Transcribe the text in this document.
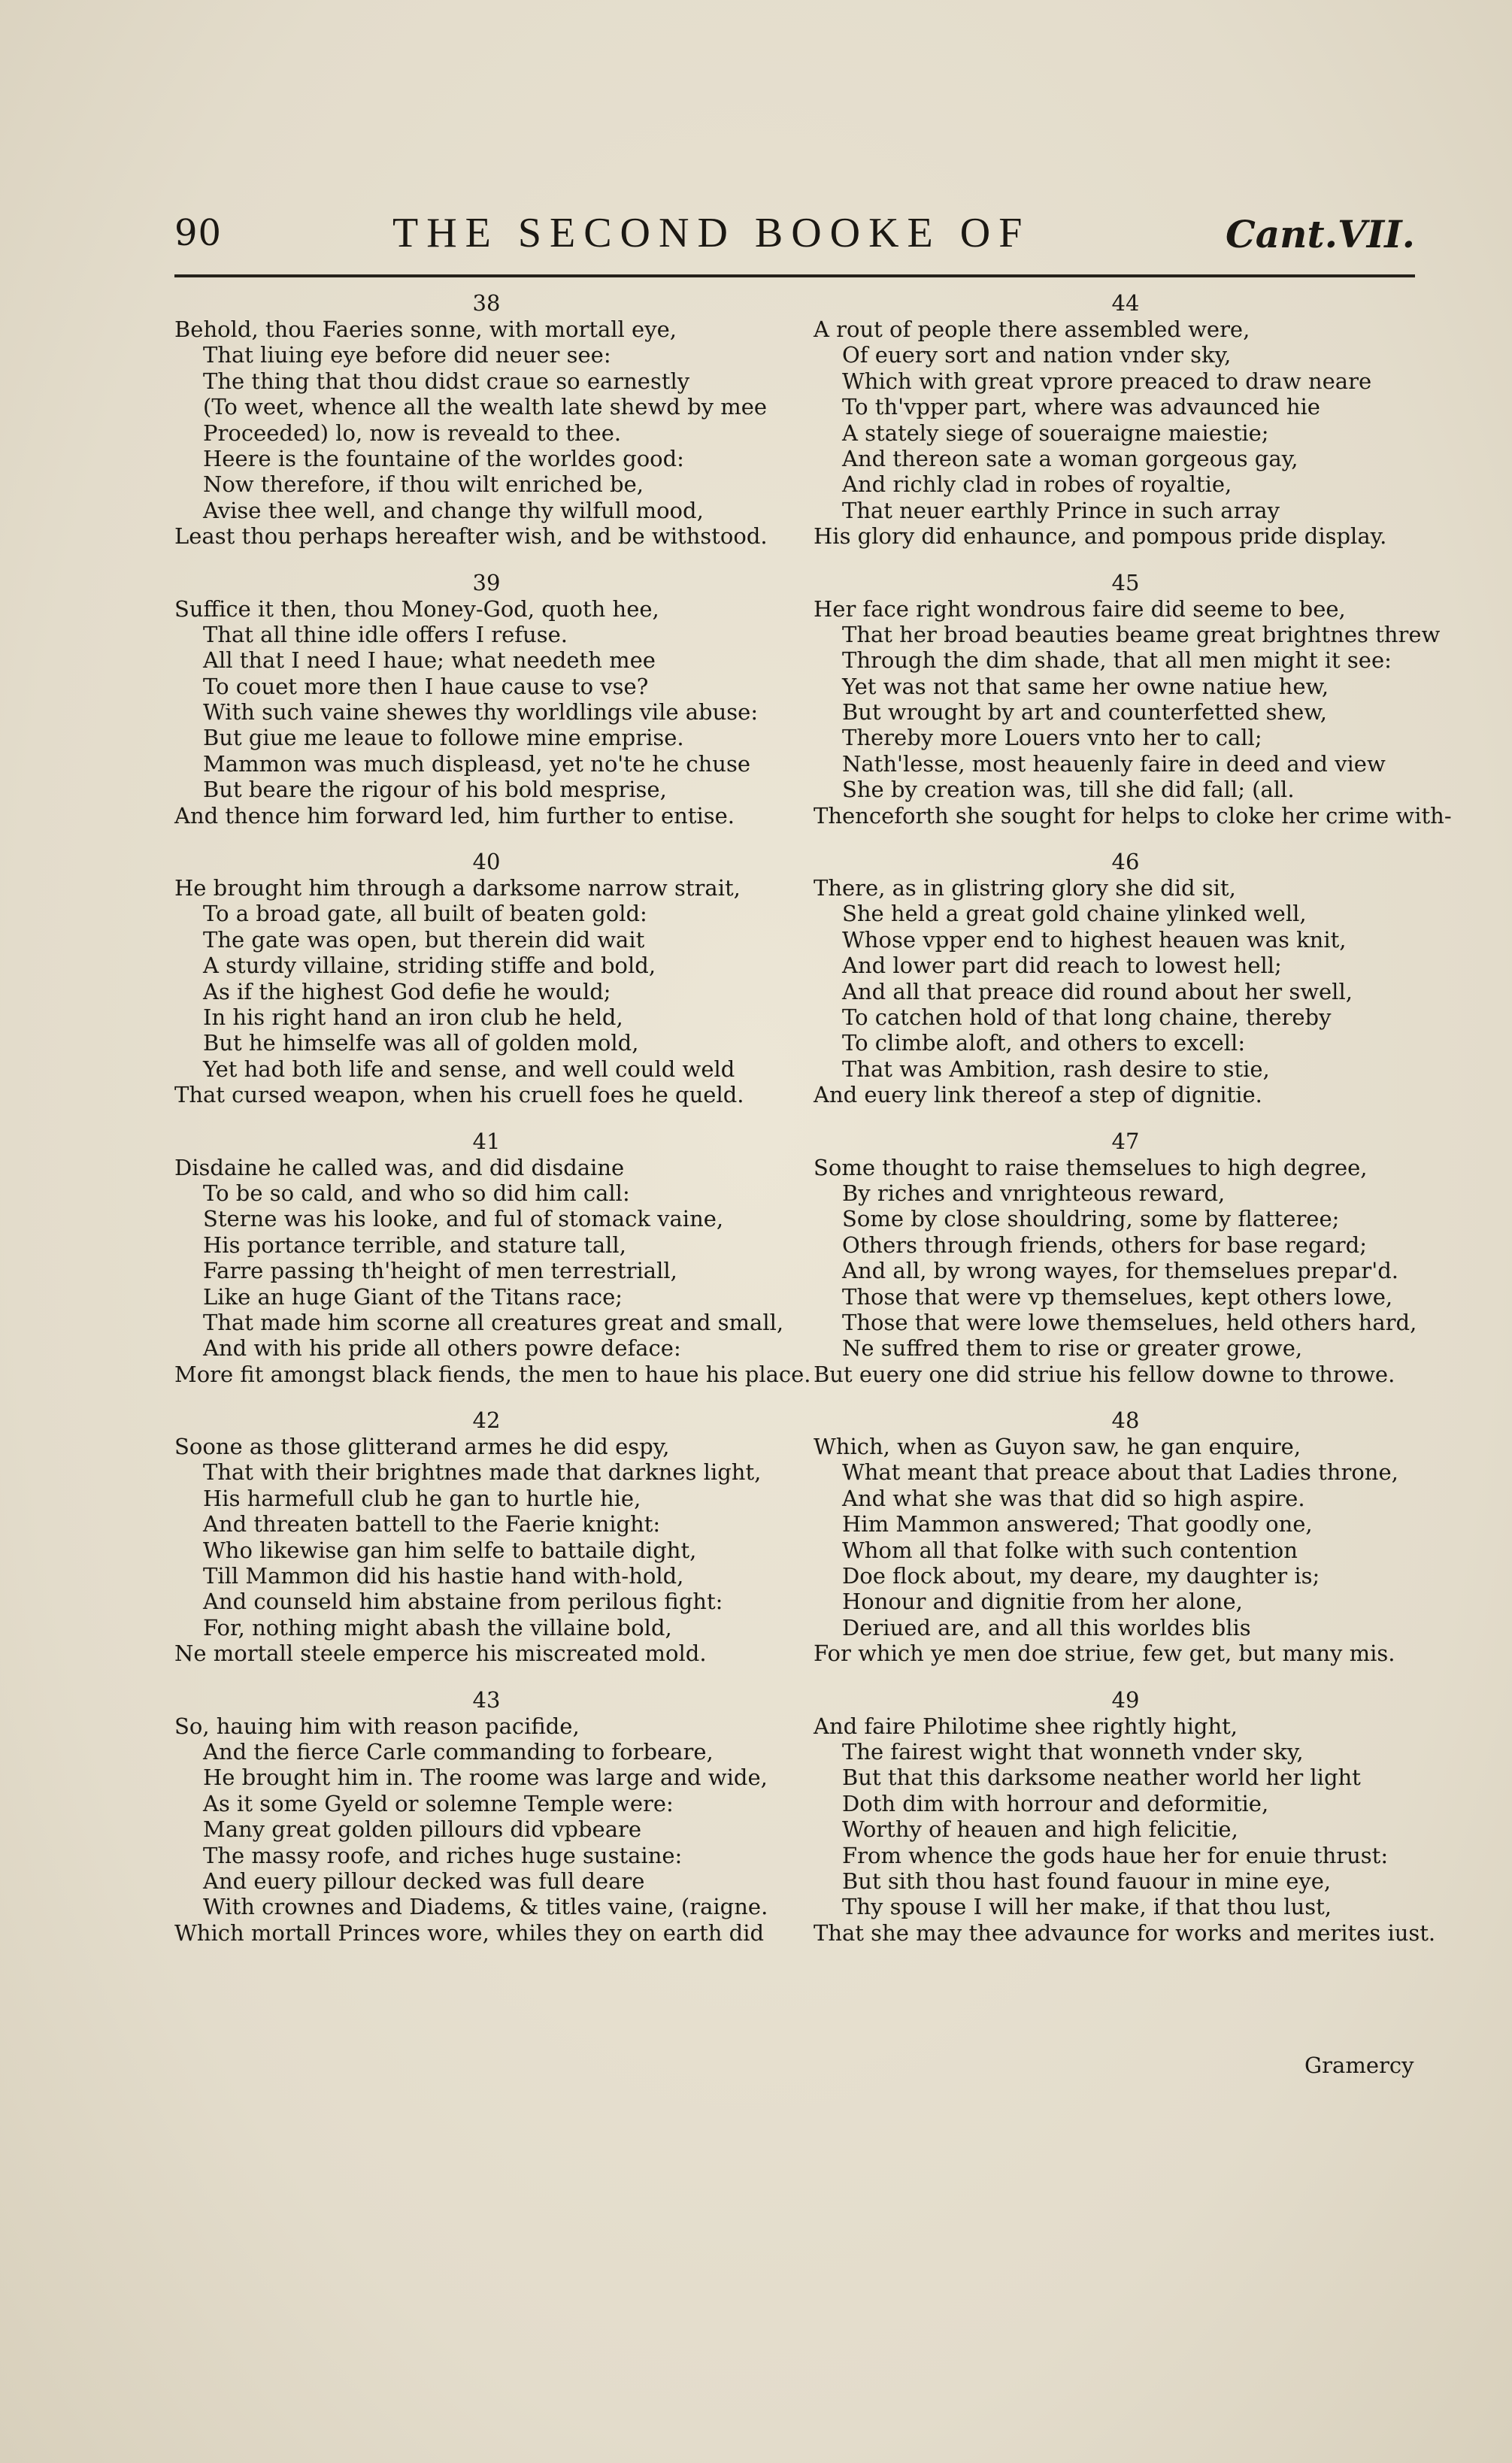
90	THE SECOND BOOKE OF	Cant.VII.
38
Behold, thou Faeries sonne, with mortall eye,
That liuing eye before did neuer see:
The thing that thou didst craue so earnestly
(To weet, whence all the wealth late shewd by mee
Proceeded) lo, now is reveald to thee.
Heere is the fountaine of the worldes good:
Now therefore, if thou wilt enriched be,
Avise thee well, and change thy wilfull mood,
Least thou perhaps hereafter wish, and be withstood.
39
Suffice it then, thou Money-God, quoth hee,
That all thine idle offers I refuse.
All that I need I haue; what needeth mee
To couet more then I haue cause to vse?
With such vaine shewes thy worldlings vile abuse:
But giue me leaue to followe mine emprise.
Mammon was much displeasd, yet no'te he chuse
But beare the rigour of his bold mesprise,
And thence him forward led, him further to entise.
40
He brought him through a darksome narrow strait,
To a broad gate, all built of beaten gold:
The gate was open, but therein did wait
A sturdy villaine, striding stiffe and bold,
As if the highest God defie he would;
In his right hand an iron club he held,
But he himselfe was all of golden mold,
Yet had both life and sense, and well could weld
That cursed weapon, when his cruell foes he queld.
41
Disdaine he called was, and did disdaine
To be so cald, and who so did him call:
Sterne was his looke, and ful of stomack vaine,
His portance terrible, and stature tall,
Farre passing th'height of men terrestriall,
Like an huge Giant of the Titans race;
That made him scorne all creatures great and small,
And with his pride all others powre deface:
More fit amongst black fiends, the men to haue his place.
42
Soone as those glitterand armes he did espy,
That with their brightnes made that darknes light,
His harmefull club he gan to hurtle hie,
And threaten battell to the Faerie knight:
Who likewise gan him selfe to battaile dight,
Till Mammon did his hastie hand with-hold,
And counseld him abstaine from perilous fight:
For, nothing might abash the villaine bold,
Ne mortall steele emperce his miscreated mold.
43
So, hauing him with reason pacifide,
And the fierce Carle commanding to forbeare,
He brought him in. The roome was large and wide,
As it some Gyeld or solemne Temple were:
Many great golden pillours did vpbeare
The massy roofe, and riches huge sustaine:
And euery pillour decked was full deare
With crownes and Diadems, & titles vaine, (raigne.
Which mortall Princes wore, whiles they on earth did
44
A rout of people there assembled were,
Of euery sort and nation vnder sky,
Which with great vprore preaced to draw neare
To th'vpper part, where was advaunced hie
A stately siege of soueraigne maiestie;
And thereon sate a woman gorgeous gay,
And richly clad in robes of royaltie,
That neuer earthly Prince in such array
His glory did enhaunce, and pompous pride display.
45
Her face right wondrous faire did seeme to bee,
That her broad beauties beame great brightnes threw
Through the dim shade, that all men might it see:
Yet was not that same her owne natiue hew,
But wrought by art and counterfetted shew,
Thereby more Louers vnto her to call;
Nath'lesse, most heauenly faire in deed and view
She by creation was, till she did fall; (all.
Thenceforth she sought for helps to cloke her crime with-
46
There, as in glistring glory she did sit,
She held a great gold chaine ylinked well,
Whose vpper end to highest heauen was knit,
And lower part did reach to lowest hell;
And all that preace did round about her swell,
To catchen hold of that long chaine, thereby
To climbe aloft, and others to excell:
That was Ambition, rash desire to stie,
And euery link thereof a step of dignitie.
47
Some thought to raise themselues to high degree,
By riches and vnrighteous reward,
Some by close shouldring, some by flatteree;
Others through friends, others for base regard;
And all, by wrong wayes, for themselues prepar'd.
Those that were vp themselues, kept others lowe,
Those that were lowe themselues, held others hard,
Ne suffred them to rise or greater growe,
But euery one did striue his fellow downe to throwe.
48
Which, when as Guyon saw, he gan enquire,
What meant that preace about that Ladies throne,
And what she was that did so high aspire.
Him Mammon answered; That goodly one,
Whom all that folke with such contention
Doe flock about, my deare, my daughter is;
Honour and dignitie from her alone,
Deriued are, and all this worldes blis
For which ye men doe striue, few get, but many mis.
49
And faire Philotime shee rightly hight,
The fairest wight that wonneth vnder sky,
But that this darksome neather world her light
Doth dim with horrour and deformitie,
Worthy of heauen and high felicitie,
From whence the gods haue her for enuie thrust:
But sith thou hast found fauour in mine eye,
Thy spouse I will her make, if that thou lust,
That she may thee advaunce for works and merites iust.
Gramercy
